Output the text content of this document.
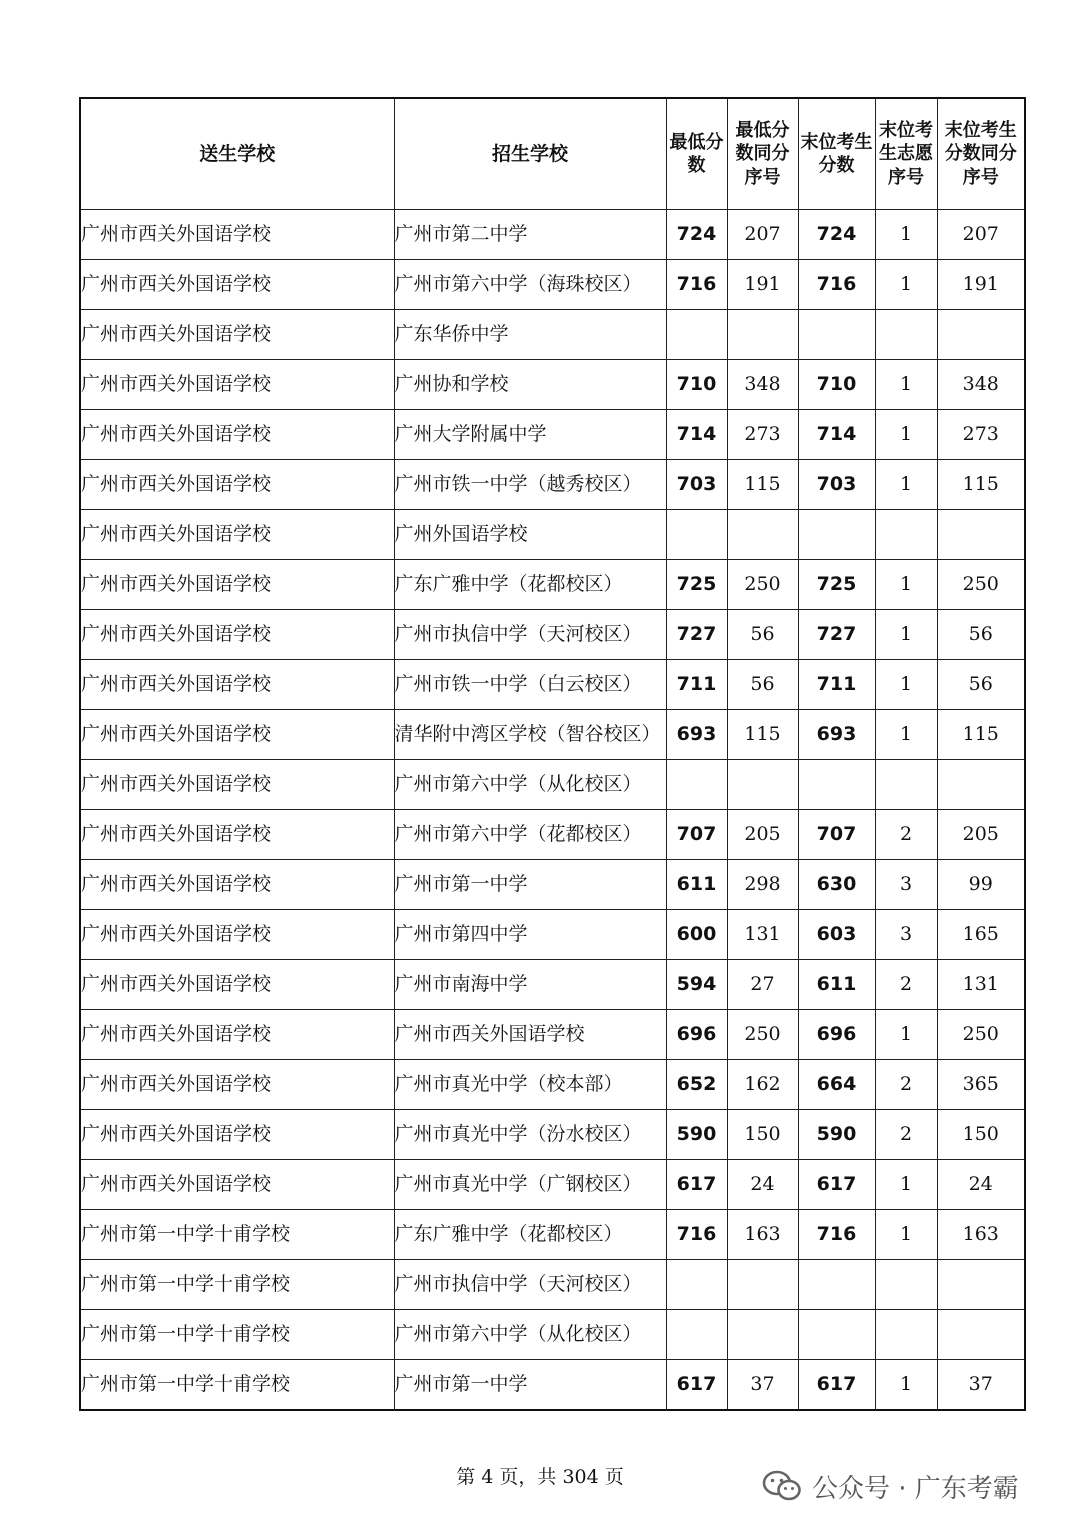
送生学校	招生学校	最低分数	最低分数同分序号	末位考生分数	末位考生志愿序号	末位考生分数同分序号
广州市西关外国语学校	广州市第二中学	724	207	724	1	207
广州市西关外国语学校	广州市第六中学（海珠校区）	716	191	716	1	191
广州市西关外国语学校	广东华侨中学					
广州市西关外国语学校	广州协和学校	710	348	710	1	348
广州市西关外国语学校	广州大学附属中学	714	273	714	1	273
广州市西关外国语学校	广州市铁一中学（越秀校区）	703	115	703	1	115
广州市西关外国语学校	广州外国语学校					
广州市西关外国语学校	广东广雅中学（花都校区）	725	250	725	1	250
广州市西关外国语学校	广州市执信中学（天河校区）	727	56	727	1	56
广州市西关外国语学校	广州市铁一中学（白云校区）	711	56	711	1	56
广州市西关外国语学校	清华附中湾区学校（智谷校区）	693	115	693	1	115
广州市西关外国语学校	广州市第六中学（从化校区）					
广州市西关外国语学校	广州市第六中学（花都校区）	707	205	707	2	205
广州市西关外国语学校	广州市第一中学	611	298	630	3	99
广州市西关外国语学校	广州市第四中学	600	131	603	3	165
广州市西关外国语学校	广州市南海中学	594	27	611	2	131
广州市西关外国语学校	广州市西关外国语学校	696	250	696	1	250
广州市西关外国语学校	广州市真光中学（校本部）	652	162	664	2	365
广州市西关外国语学校	广州市真光中学（汾水校区）	590	150	590	2	150
广州市西关外国语学校	广州市真光中学（广钢校区）	617	24	617	1	24
广州市第一中学十甫学校	广东广雅中学（花都校区）	716	163	716	1	163
广州市第一中学十甫学校	广州市执信中学（天河校区）					
广州市第一中学十甫学校	广州市第六中学（从化校区）					
广州市第一中学十甫学校	广州市第一中学	617	37	617	1	37
第 4 页，共 304 页	公众号 · 广东考霸
